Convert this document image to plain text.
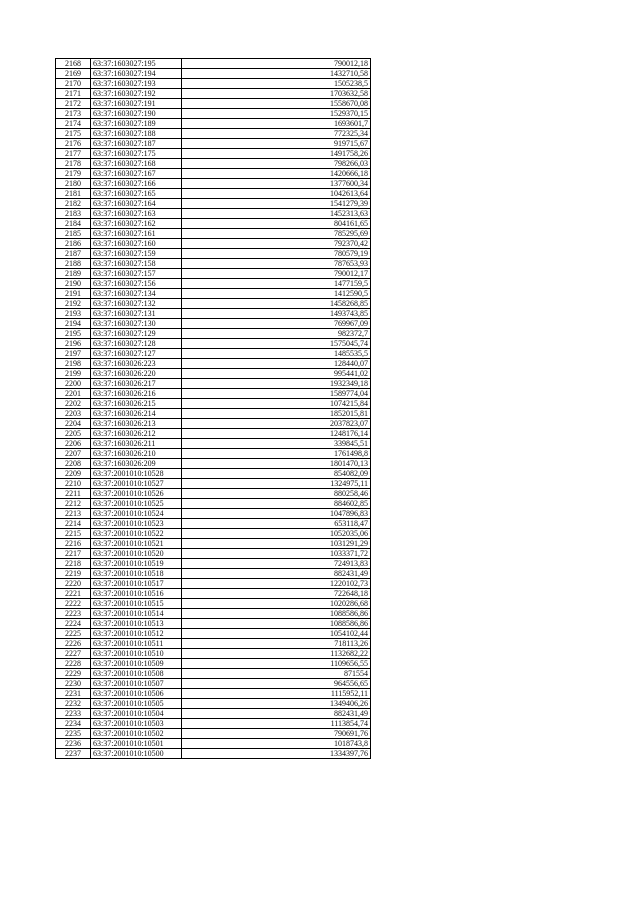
2168	63:37:1603027:195	790012,18
2169	63:37:1603027:194	1432710,58
2170	63:37:1603027:193	1505238,5
2171	63:37:1603027:192	1703632,58
2172	63:37:1603027:191	1558670,08
2173	63:37:1603027:190	1529370,15
2174	63:37:1603027:189	1693601,7
2175	63:37:1603027:188	772325,34
2176	63:37:1603027:187	919715,67
2177	63:37:1603027:175	1491758,26
2178	63:37:1603027:168	798266,03
2179	63:37:1603027:167	1420666,18
2180	63:37:1603027:166	1377600,34
2181	63:37:1603027:165	1042613,64
2182	63:37:1603027:164	1541279,39
2183	63:37:1603027:163	1452313,63
2184	63:37:1603027:162	804161,65
2185	63:37:1603027:161	785295,69
2186	63:37:1603027:160	792370,42
2187	63:37:1603027:159	780579,19
2188	63:37:1603027:158	787653,93
2189	63:37:1603027:157	790012,17
2190	63:37:1603027:156	1477159,5
2191	63:37:1603027:134	1412590,5
2192	63:37:1603027:132	1458268,85
2193	63:37:1603027:131	1493743,85
2194	63:37:1603027:130	769967,09
2195	63:37:1603027:129	982372,7
2196	63:37:1603027:128	1575045,74
2197	63:37:1603027:127	1485535,5
2198	63:37:1603026:223	128440,07
2199	63:37:1603026:220	995441,02
2200	63:37:1603026:217	1932349,18
2201	63:37:1603026:216	1589774,04
2202	63:37:1603026:215	1074215,84
2203	63:37:1603026:214	1852015,81
2204	63:37:1603026:213	2037823,07
2205	63:37:1603026:212	1248176,14
2206	63:37:1603026:211	339845,51
2207	63:37:1603026:210	1761498,8
2208	63:37:1603026:209	1801470,13
2209	63:37:2001010:10528	854082,09
2210	63:37:2001010:10527	1324975,11
2211	63:37:2001010:10526	880258,46
2212	63:37:2001010:10525	884602,85
2213	63:37:2001010:10524	1047896,83
2214	63:37:2001010:10523	653118,47
2215	63:37:2001010:10522	1052035,06
2216	63:37:2001010:10521	1031291,29
2217	63:37:2001010:10520	1033371,72
2218	63:37:2001010:10519	724913,83
2219	63:37:2001010:10518	882431,49
2220	63:37:2001010:10517	1220102,73
2221	63:37:2001010:10516	722648,18
2222	63:37:2001010:10515	1020286,68
2223	63:37:2001010:10514	1088586,86
2224	63:37:2001010:10513	1088586,86
2225	63:37:2001010:10512	1054102,44
2226	63:37:2001010:10511	718113,26
2227	63:37:2001010:10510	1132682,22
2228	63:37:2001010:10509	1109656,55
2229	63:37:2001010:10508	871554
2230	63:37:2001010:10507	964556,65
2231	63:37:2001010:10506	1115952,11
2232	63:37:2001010:10505	1349406,26
2233	63:37:2001010:10504	882431,49
2234	63:37:2001010:10503	1113854,74
2235	63:37:2001010:10502	790691,76
2236	63:37:2001010:10501	1018743,8
2237	63:37:2001010:10500	1334397,76
